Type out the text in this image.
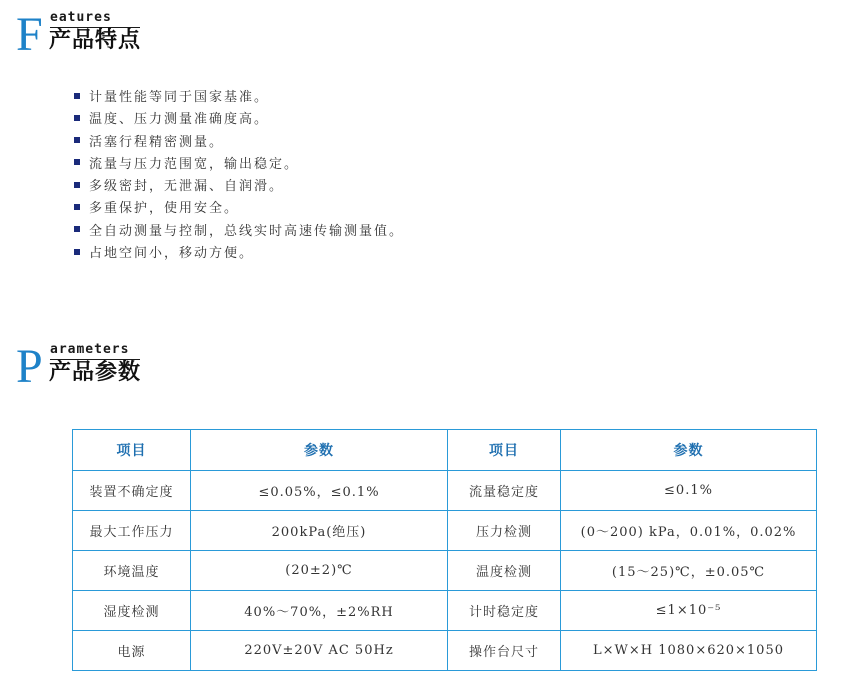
F eatures
产品特点
计量性能等同于国家基准。
温度、压力测量准确度高。
活塞行程精密测量。
流量与压力范围宽，输出稳定。
多级密封，无泄漏、自润滑。
多重保护，使用安全。
全自动测量与控制，总线实时高速传输测量值。
占地空间小，移动方便。
P arameters
产品参数
项目	参数	项目	参数
装置不确定度	≤0.05%，≤0.1%	流量稳定度	≤0.1%
最大工作压力	200kPa(绝压)	压力检测	(0～200) kPa，0.01%，0.02%
环境温度	(20±2)℃	温度检测	(15～25)℃，±0.05℃
湿度检测	40%～70%，±2%RH	计时稳定度	≤1×10⁻⁵
电源	220V±20V AC 50Hz	操作台尺寸	L×W×H 1080×620×1050
